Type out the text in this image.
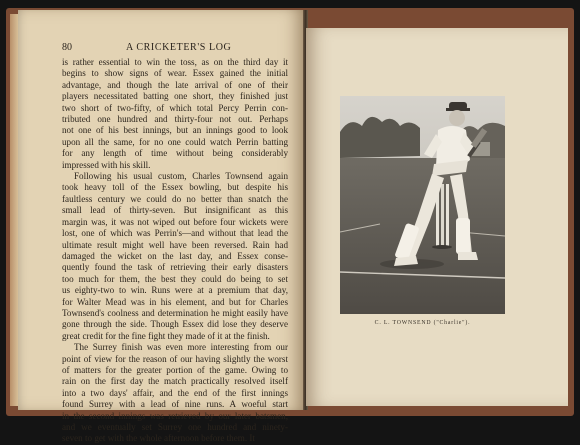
80	A CRICKETER'S LOG
is rather essential to win the toss, as on the third day it
begins to show signs of wear. Essex gained the initial
advantage, and though the late arrival of one of their
players necessitated batting one short, they finished just
two short of two-fifty, of which total Percy Perrin con-
tributed one hundred and thirty-four not out. Perhaps
not one of his best innings, but an innings good to look
upon all the same, for no one could watch Perrin batting
for any length of time without being considerably
impressed with his skill.
Following his usual custom, Charles Townsend again
took heavy toll of the Essex bowling, but despite his
faultless century we could do no better than snatch the
small lead of thirty-seven. But insignificant as this
margin was, it was not wiped out before four wickets were
lost, one of which was Perrin's—and without that lead the
ultimate result might well have been reversed. Rain had
damaged the wicket on the last day, and Essex conse-
quently found the task of retrieving their early disasters
too much for them, the best they could do being to set
us eighty-two to win. Runs were at a premium that day,
for Walter Mead was in his element, and but for Charles
Townsend's coolness and determination he might easily have
gone through the side. Though Essex did lose they deserve
great credit for the fine fight they made of it at the finish.
The Surrey finish was even more interesting from our
point of view for the reason of our having slightly the worst
of matters for the greater portion of the game. Owing to
rain on the first day the match practically resolved itself
into a two days' affair, and the end of the first innings
found Surrey with a lead of nine runs. A woeful start
in the second innings was retrieved by our later batsmen,
and we eventually set Surrey one hundred and ninety-
seven to get with the whole afternoon before them. It
C. L. TOWNSEND ("Charlie").
